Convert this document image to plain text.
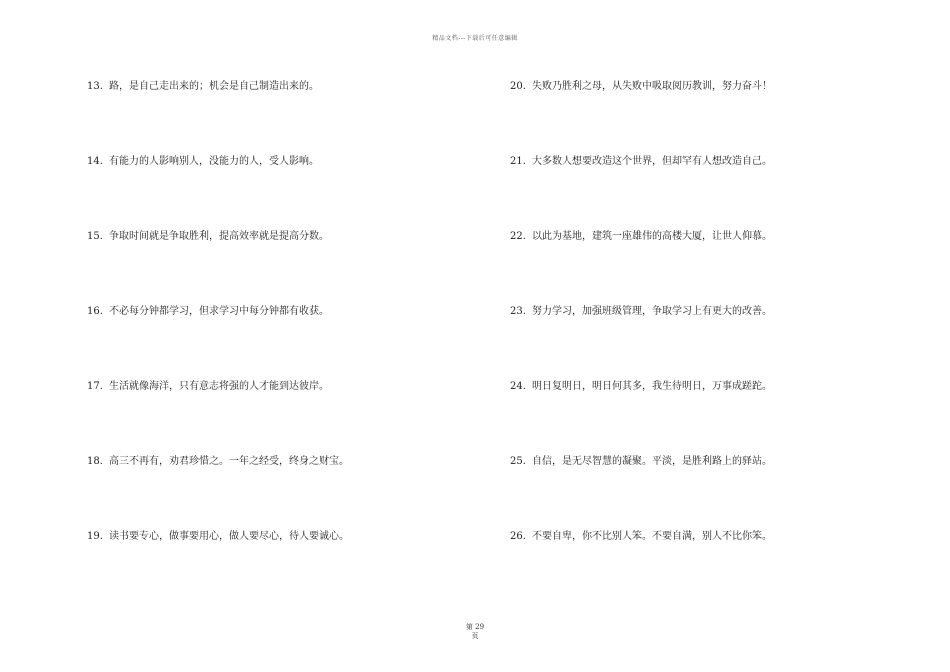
精品文档---下载后可任意编辑
13. 路，是自己走出来的；机会是自己制造出来的。
14. 有能力的人影响别人，没能力的人，受人影响。
15. 争取时间就是争取胜利，提高效率就是提高分数。
16. 不必每分钟都学习，但求学习中每分钟都有收获。
17. 生活就像海洋，只有意志将强的人才能到达彼岸。
18. 高三不再有，劝君珍惜之。一年之经受，终身之财宝。
19. 读书要专心，做事要用心，做人要尽心，待人要诚心。
20. 失败乃胜利之母，从失败中吸取阅历教训，努力奋斗！
21. 大多数人想要改造这个世界，但却罕有人想改造自己。
22. 以此为基地，建筑一座雄伟的高楼大厦，让世人仰慕。
23. 努力学习，加强班级管理，争取学习上有更大的改善。
24. 明日复明日，明日何其多，我生待明日，万事成蹉跎。
25. 自信，是无尽智慧的凝聚。平淡，是胜利路上的驿站。
26. 不要自卑，你不比别人笨。不要自满，别人不比你笨。
第 29
页
